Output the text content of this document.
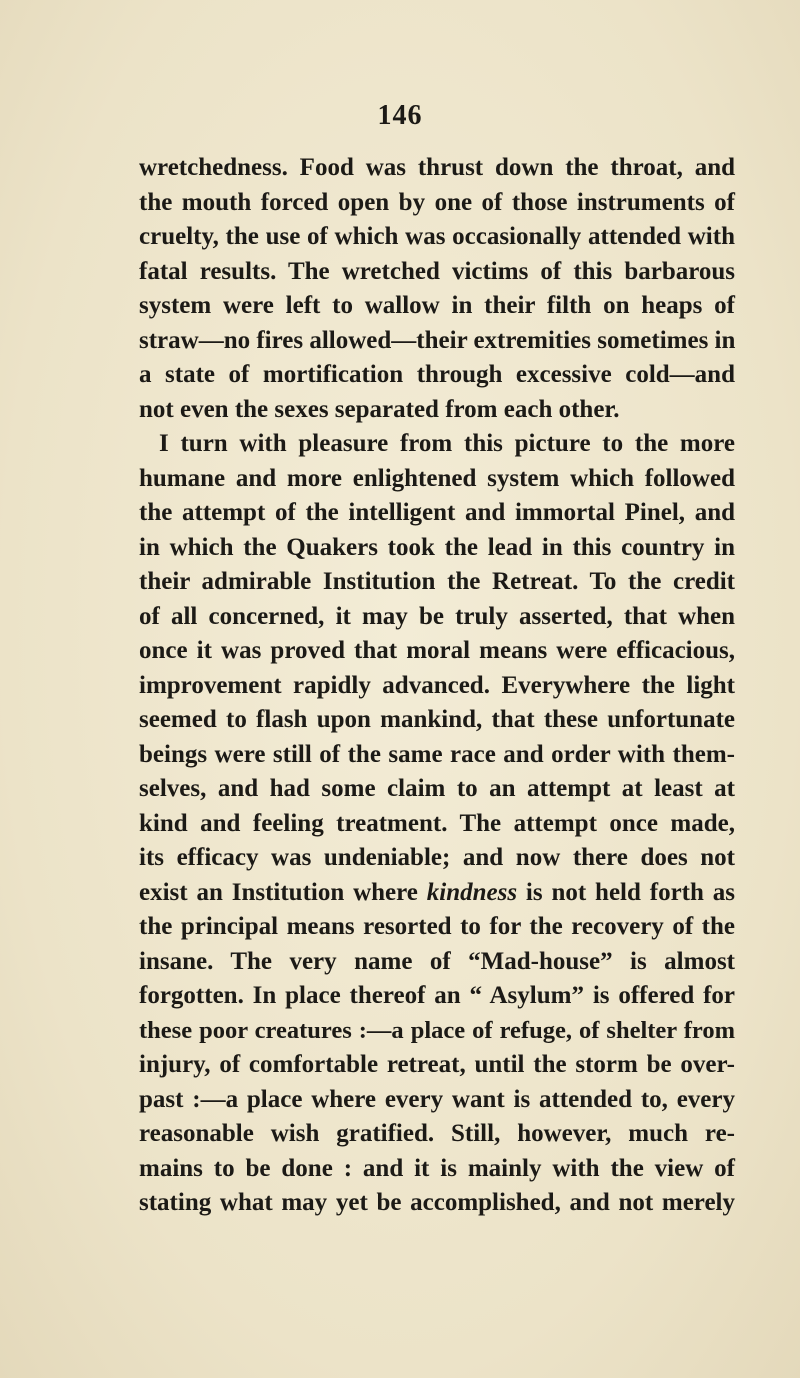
146
wretchedness. Food was thrust down the throat, and
the mouth forced open by one of those instruments of
cruelty, the use of which was occasionally attended with
fatal results. The wretched victims of this barbarous
system were left to wallow in their filth on heaps of
straw—no fires allowed—their extremities sometimes in
a state of mortification through excessive cold—and
not even the sexes separated from each other.
I turn with pleasure from this picture to the more
humane and more enlightened system which followed
the attempt of the intelligent and immortal Pinel, and
in which the Quakers took the lead in this country in
their admirable Institution the Retreat. To the credit
of all concerned, it may be truly asserted, that when
once it was proved that moral means were efficacious,
improvement rapidly advanced. Everywhere the light
seemed to flash upon mankind, that these unfortunate
beings were still of the same race and order with them-
selves, and had some claim to an attempt at least at
kind and feeling treatment. The attempt once made,
its efficacy was undeniable; and now there does not
exist an Institution where kindness is not held forth as
the principal means resorted to for the recovery of the
insane. The very name of “Mad-house” is almost
forgotten. In place thereof an “ Asylum” is offered for
these poor creatures :—a place of refuge, of shelter from
injury, of comfortable retreat, until the storm be over-
past :—a place where every want is attended to, every
reasonable wish gratified. Still, however, much re-
mains to be done : and it is mainly with the view of
stating what may yet be accomplished, and not merely
